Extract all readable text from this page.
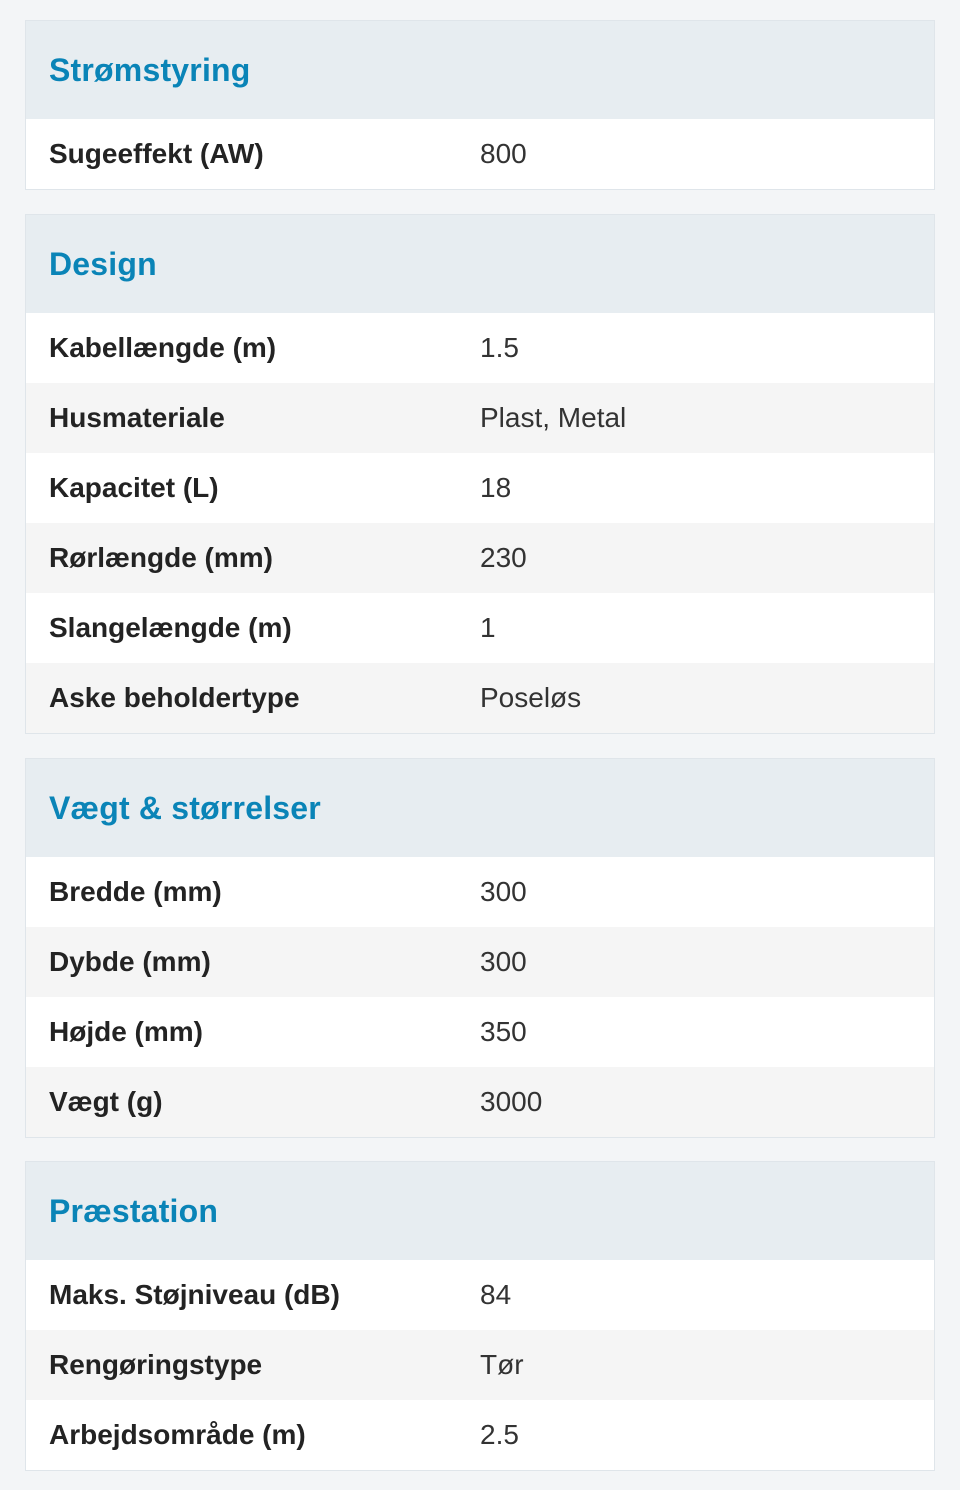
Strømstyring
Sugeeffekt (AW)	800
Design
Kabellængde (m)	1.5
Husmateriale	Plast, Metal
Kapacitet (L)	18
Rørlængde (mm)	230
Slangelængde (m)	1
Aske beholdertype	Poseløs
Vægt & størrelser
Bredde (mm)	300
Dybde (mm)	300
Højde (mm)	350
Vægt (g)	3000
Præstation
Maks. Støjniveau (dB)	84
Rengøringstype	Tør
Arbejdsområde (m)	2.5
